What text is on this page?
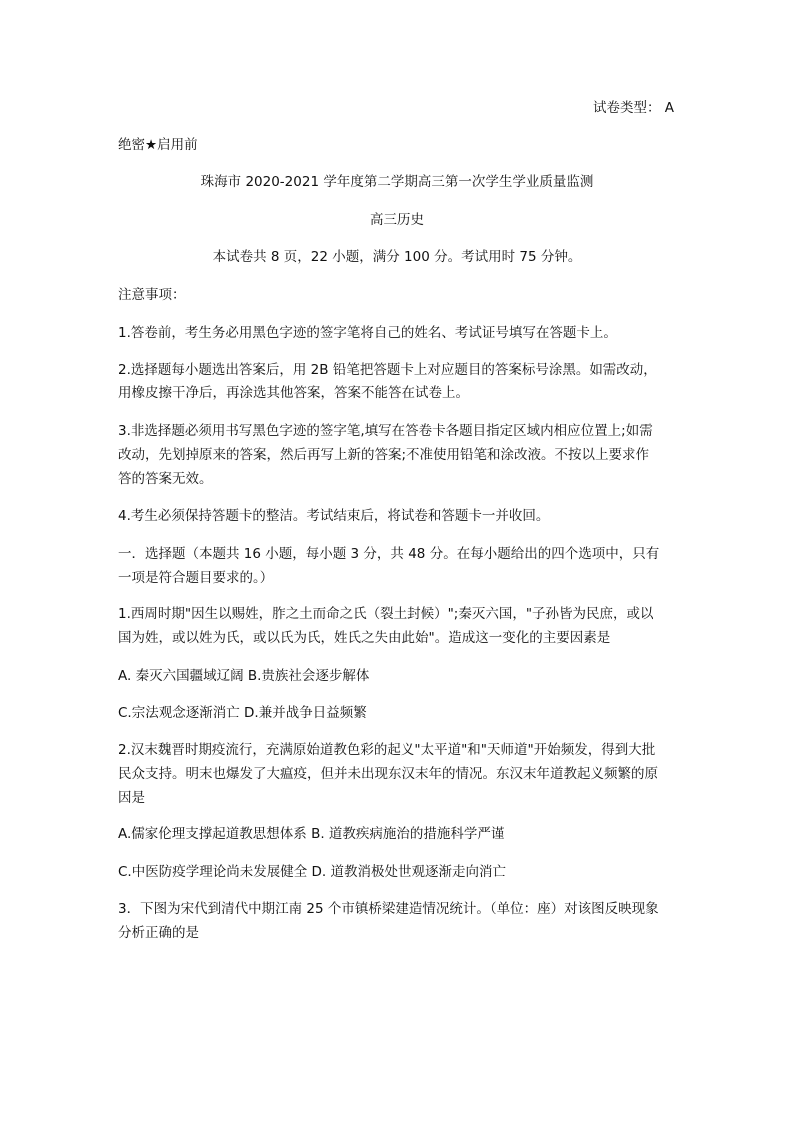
试卷类型： A
绝密★启用前
珠海市 2020-2021 学年度第二学期高三第一次学生学业质量监测
高三历史
本试卷共 8 页，22 小题，满分 100 分。考试用时 75 分钟。
注意事项：
1.答卷前，考生务必用黑色字迹的签字笔将自己的姓名、考试证号填写在答题卡上。
2.选择题每小题选出答案后，用 2B 铅笔把答题卡上对应题目的答案标号涂黑。如需改动，
用橡皮擦干净后，再涂选其他答案，答案不能答在试卷上。
3.非选择题必须用书写黑色字迹的签字笔,填写在答卷卡各题目指定区域内相应位置上;如需
改动，先划掉原来的答案，然后再写上新的答案;不准使用铅笔和涂改液。不按以上要求作
答的答案无效。
4.考生必须保持答题卡的整洁。考试结束后，将试卷和答题卡一并收回。
一．选择题（本题共 16 小题，每小题 3 分，共 48 分。在每小题给出的四个选项中，只有
一项是符合题目要求的。）
1.西周时期"因生以赐姓，胙之土而命之氏（裂土封候）";秦灭六国，"子孙皆为民庶，或以
国为姓，或以姓为氏，或以氏为氏，姓氏之失由此始"。造成这一变化的主要因素是
A. 秦灭六国疆域辽阔 B.贵族社会逐步解体
C.宗法观念逐渐消亡 D.兼并战争日益频繁
2.汉末魏晋时期疫流行，充满原始道教色彩的起义"太平道"和"天师道"开始频发，得到大批
民众支持。明末也爆发了大瘟疫，但并未出现东汉末年的情况。东汉末年道教起义频繁的原
因是
A.儒家伦理支撑起道教思想体系 B. 道教疾病施治的措施科学严谨
C.中医防疫学理论尚未发展健全 D. 道教消极处世观逐渐走向消亡
3．下图为宋代到清代中期江南 25 个市镇桥梁建造情况统计。（单位：座）对该图反映现象
分析正确的是
